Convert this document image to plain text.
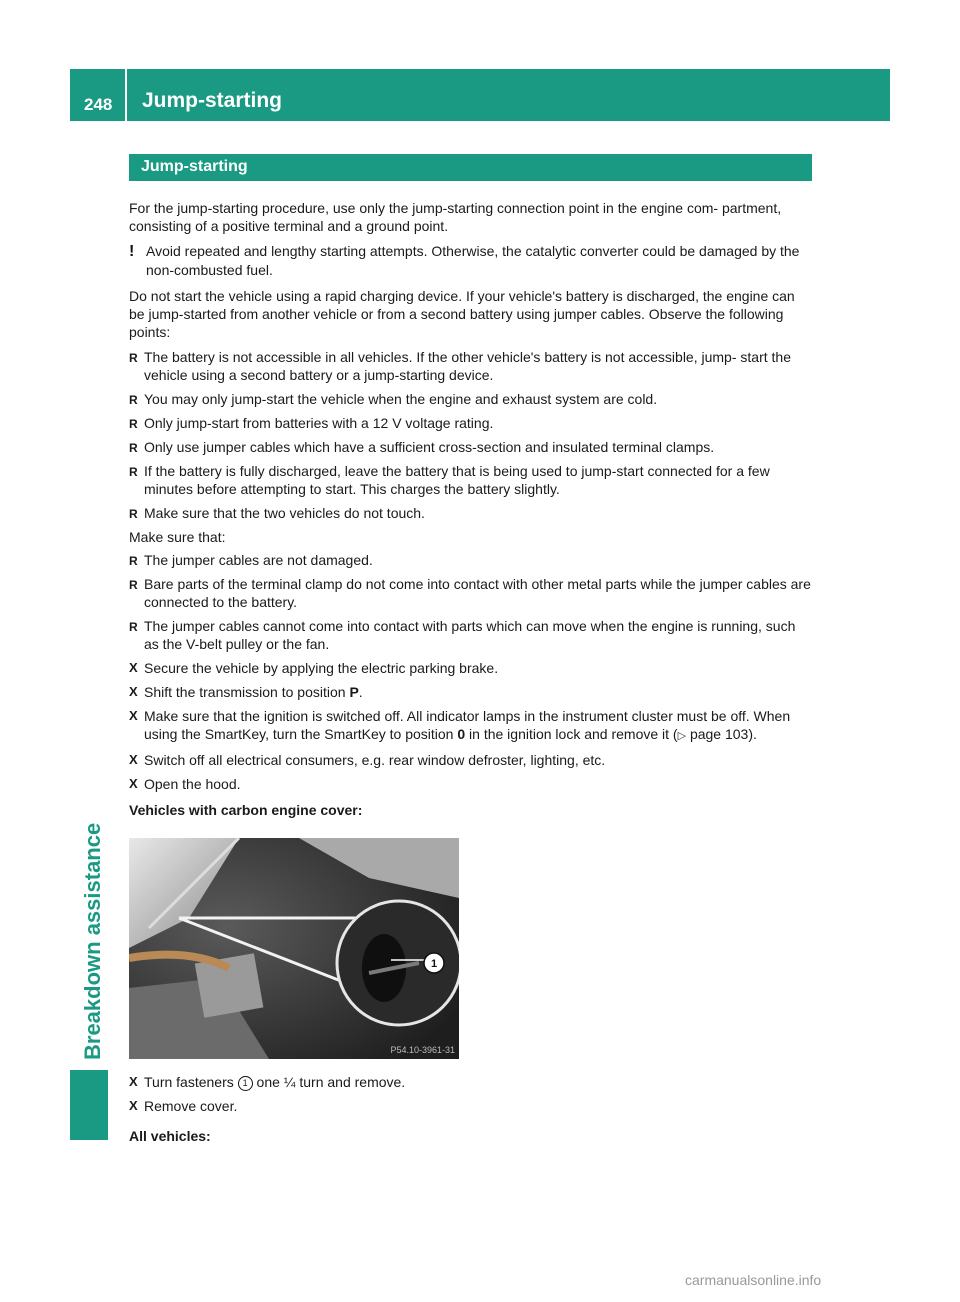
248 Jump-starting
Breakdown assistance
Jump-starting

For the jump-starting procedure, use only the jump-starting connection point in the engine com- partment, consisting of a positive terminal and a ground point.

! Avoid repeated and lengthy starting attempts. Otherwise, the catalytic converter could be damaged by the non-combusted fuel.

Do not start the vehicle using a rapid charging device. If your vehicle's battery is discharged, the engine can be jump-started from another vehicle or from a second battery using jumper cables. Observe the following points:

R The battery is not accessible in all vehicles. If the other vehicle's battery is not accessible, jump- start the vehicle using a second battery or a jump-starting device.
R You may only jump-start the vehicle when the engine and exhaust system are cold.
R Only jump-start from batteries with a 12 V voltage rating.
R Only use jumper cables which have a sufficient cross-section and insulated terminal clamps.
R If the battery is fully discharged, leave the battery that is being used to jump-start connected for a few minutes before attempting to start. This charges the battery slightly.
R Make sure that the two vehicles do not touch.

Make sure that:

R The jumper cables are not damaged.
R Bare parts of the terminal clamp do not come into contact with other metal parts while the jumper cables are connected to the battery.
R The jumper cables cannot come into contact with parts which can move when the engine is running, such as the V-belt pulley or the fan.
X Secure the vehicle by applying the electric parking brake.
X Shift the transmission to position P.
X Make sure that the ignition is switched off. All indicator lamps in the instrument cluster must be off. When using the SmartKey, turn the SmartKey to position 0 in the ignition lock and remove it (▷ page 103).
X Switch off all electrical consumers, e.g. rear window defroster, lighting, etc.
X Open the hood.

Vehicles with carbon engine cover:

1
P54.10-3961-31
X Turn fasteners 1 one ¼ turn and remove.
X Remove cover.

All vehicles:

carmanualsonline.info
